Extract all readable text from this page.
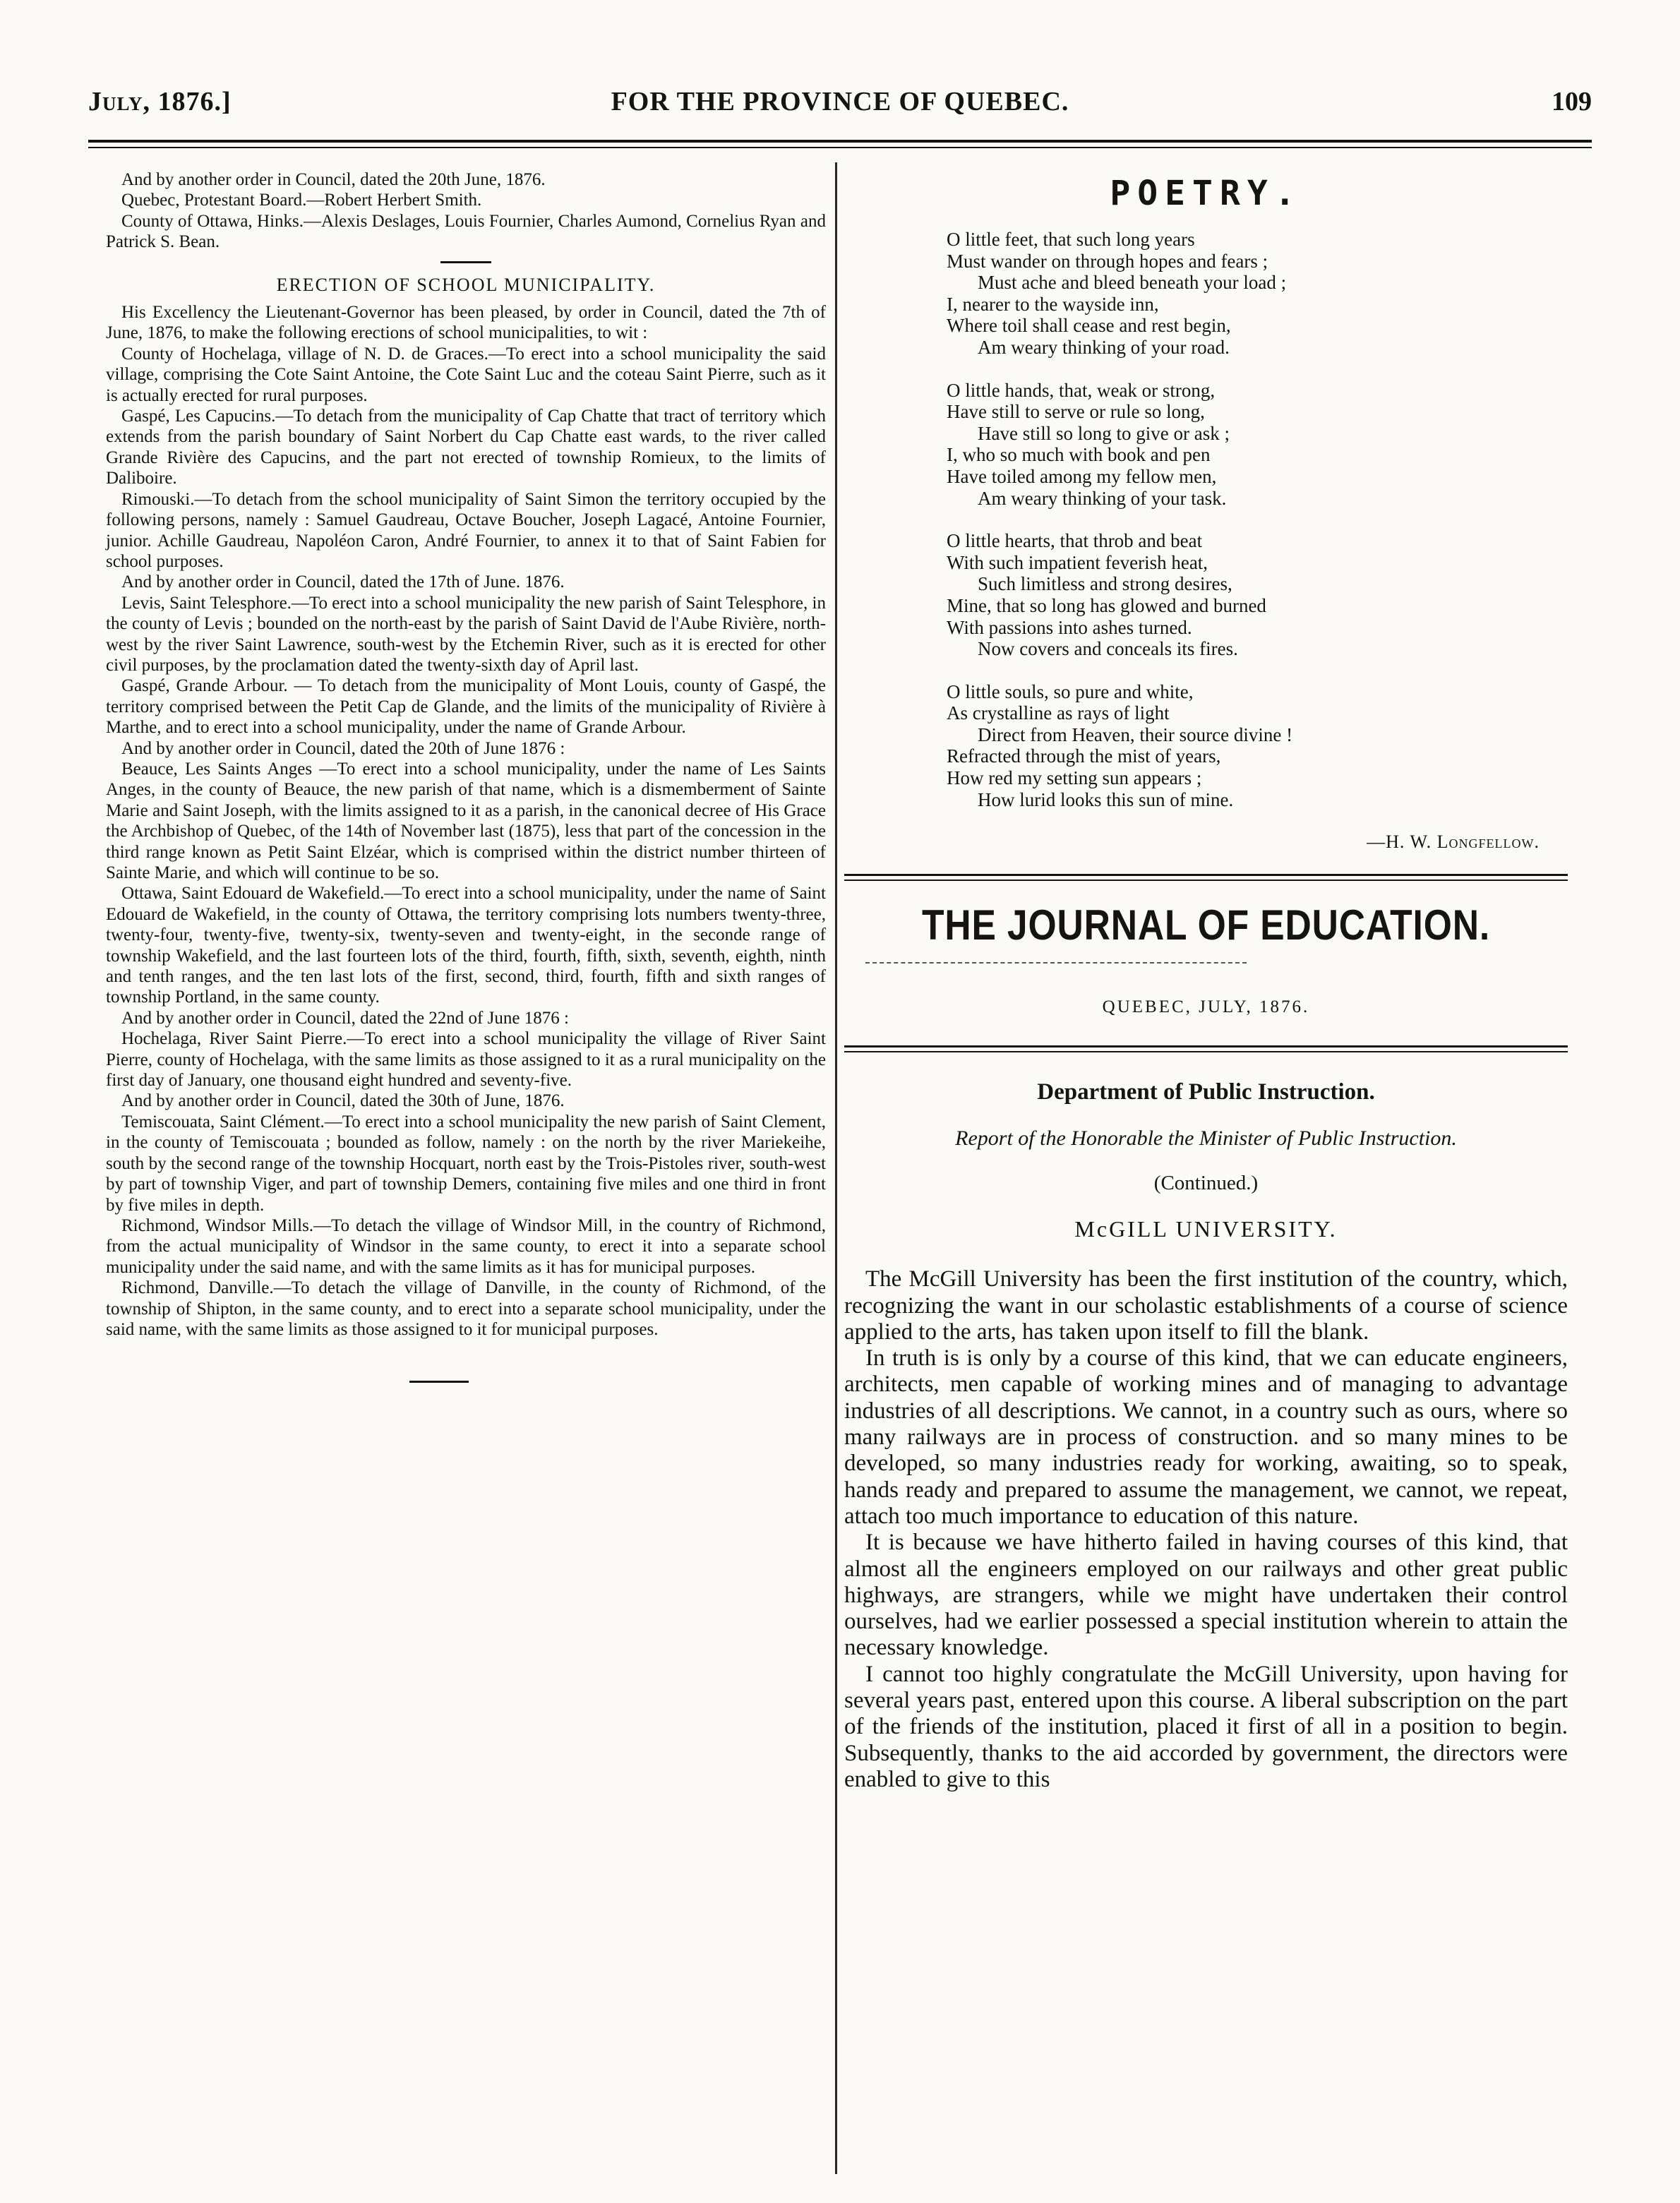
July, 1876.]	FOR THE PROVINCE OF QUEBEC.	109

And by another order in Council, dated the 20th June, 1876.

Quebec, Protestant Board.—Robert Herbert Smith.

County of Ottawa, Hinks.—Alexis Deslages, Louis Fournier, Charles Aumond, Cornelius Ryan and Patrick S. Bean.

ERECTION OF SCHOOL MUNICIPALITY.

His Excellency the Lieutenant-Governor has been pleased, by order in Council, dated the 7th of June, 1876, to make the following erections of school municipalities, to wit :

County of Hochelaga, village of N. D. de Graces.—To erect into a school municipality the said village, comprising the Cote Saint Antoine, the Cote Saint Luc and the coteau Saint Pierre, such as it is actually erected for rural purposes.

Gaspé, Les Capucins.—To detach from the municipality of Cap Chatte that tract of territory which extends from the parish boundary of Saint Norbert du Cap Chatte east wards, to the river called Grande Rivière des Capucins, and the part not erected of township Romieux, to the limits of Daliboire.

Rimouski.—To detach from the school municipality of Saint Simon the territory occupied by the following persons, namely : Samuel Gaudreau, Octave Boucher, Joseph Lagacé, Antoine Fournier, junior. Achille Gaudreau, Napoléon Caron, André Fournier, to annex it to that of Saint Fabien for school purposes.

And by another order in Council, dated the 17th of June. 1876.

Levis, Saint Telesphore.—To erect into a school municipality the new parish of Saint Telesphore, in the county of Levis ; bounded on the north-east by the parish of Saint David de l'Aube Rivière, north-west by the river Saint Lawrence, south-west by the Etchemin River, such as it is erected for other civil purposes, by the proclamation dated the twenty-sixth day of April last.

Gaspé, Grande Arbour. — To detach from the municipality of Mont Louis, county of Gaspé, the territory comprised between the Petit Cap de Glande, and the limits of the municipality of Rivière à Marthe, and to erect into a school municipality, under the name of Grande Arbour.

And by another order in Council, dated the 20th of June 1876 :

Beauce, Les Saints Anges —To erect into a school municipality, under the name of Les Saints Anges, in the county of Beauce, the new parish of that name, which is a dismemberment of Sainte Marie and Saint Joseph, with the limits assigned to it as a parish, in the canonical decree of His Grace the Archbishop of Quebec, of the 14th of November last (1875), less that part of the concession in the third range known as Petit Saint Elzéar, which is comprised within the district number thirteen of Sainte Marie, and which will continue to be so.

Ottawa, Saint Edouard de Wakefield.—To erect into a school municipality, under the name of Saint Edouard de Wakefield, in the county of Ottawa, the territory comprising lots numbers twenty-three, twenty-four, twenty-five, twenty-six, twenty-seven and twenty-eight, in the seconde range of township Wakefield, and the last fourteen lots of the third, fourth, fifth, sixth, seventh, eighth, ninth and tenth ranges, and the ten last lots of the first, second, third, fourth, fifth and sixth ranges of township Portland, in the same county.

And by another order in Council, dated the 22nd of June 1876 :

Hochelaga, River Saint Pierre.—To erect into a school municipality the village of River Saint Pierre, county of Hochelaga, with the same limits as those assigned to it as a rural municipality on the first day of January, one thousand eight hundred and seventy-five.

And by another order in Council, dated the 30th of June, 1876.

Temiscouata, Saint Clément.—To erect into a school municipality the new parish of Saint Clement, in the county of Temiscouata ; bounded as follow, namely : on the north by the river Mariekeihe, south by the second range of the township Hocquart, north east by the Trois-Pistoles river, south-west by part of township Viger, and part of township Demers, containing five miles and one third in front by five miles in depth.

Richmond, Windsor Mills.—To detach the village of Windsor Mill, in the country of Richmond, from the actual municipality of Windsor in the same county, to erect it into a separate school municipality under the said name, and with the same limits as it has for municipal purposes.

Richmond, Danville.—To detach the village of Danville, in the county of Richmond, of the township of Shipton, in the same county, and to erect into a separate school municipality, under the said name, with the same limits as those assigned to it for municipal purposes.

POETRY.
O little feet, that such long years
Must wander on through hopes and fears ;
Must ache and bleed beneath your load ;
I, nearer to the wayside inn,
Where toil shall cease and rest begin,
Am weary thinking of your road.
O little hands, that, weak or strong,
Have still to serve or rule so long,
Have still so long to give or ask ;
I, who so much with book and pen
Have toiled among my fellow men,
Am weary thinking of your task.
O little hearts, that throb and beat
With such impatient feverish heat,
Such limitless and strong desires,
Mine, that so long has glowed and burned
With passions into ashes turned.
Now covers and conceals its fires.
O little souls, so pure and white,
As crystalline as rays of light
Direct from Heaven, their source divine !
Refracted through the mist of years,
How red my setting sun appears ;
How lurid looks this sun of mine.
—H. W. Longfellow.
THE JOURNAL OF EDUCATION.
QUEBEC, JULY, 1876.
Department of Public Instruction.
Report of the Honorable the Minister of Public Instruction.
(Continued.)
McGILL UNIVERSITY.

The McGill University has been the first institution of the country, which, recognizing the want in our scholastic establishments of a course of science applied to the arts, has taken upon itself to fill the blank.

In truth is is only by a course of this kind, that we can educate engineers, architects, men capable of working mines and of managing to advantage industries of all descriptions. We cannot, in a country such as ours, where so many railways are in process of construction. and so many mines to be developed, so many industries ready for working, awaiting, so to speak, hands ready and prepared to assume the management, we cannot, we repeat, attach too much importance to education of this nature.

It is because we have hitherto failed in having courses of this kind, that almost all the engineers employed on our railways and other great public highways, are strangers, while we might have undertaken their control ourselves, had we earlier possessed a special institution wherein to attain the necessary knowledge.

I cannot too highly congratulate the McGill University, upon having for several years past, entered upon this course. A liberal subscription on the part of the friends of the institution, placed it first of all in a position to begin. Subsequently, thanks to the aid accorded by government, the directors were enabled to give to this
